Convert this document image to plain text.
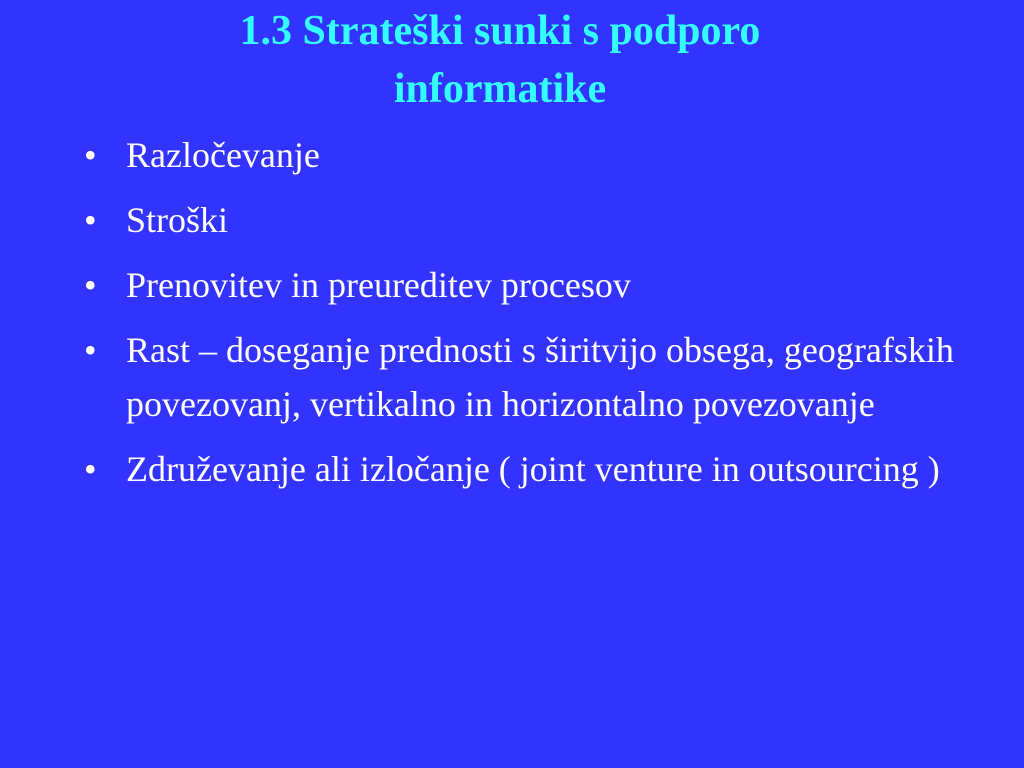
1.3 Strateški sunki s podporo
informatike
• Razločevanje
• Stroški
• Prenovitev in preureditev procesov
• Rast – doseganje prednosti s širitvijo obsega, geografskih povezovanj, vertikalno in horizontalno povezovanje
• Združevanje ali izločanje ( joint venture in outsourcing )
